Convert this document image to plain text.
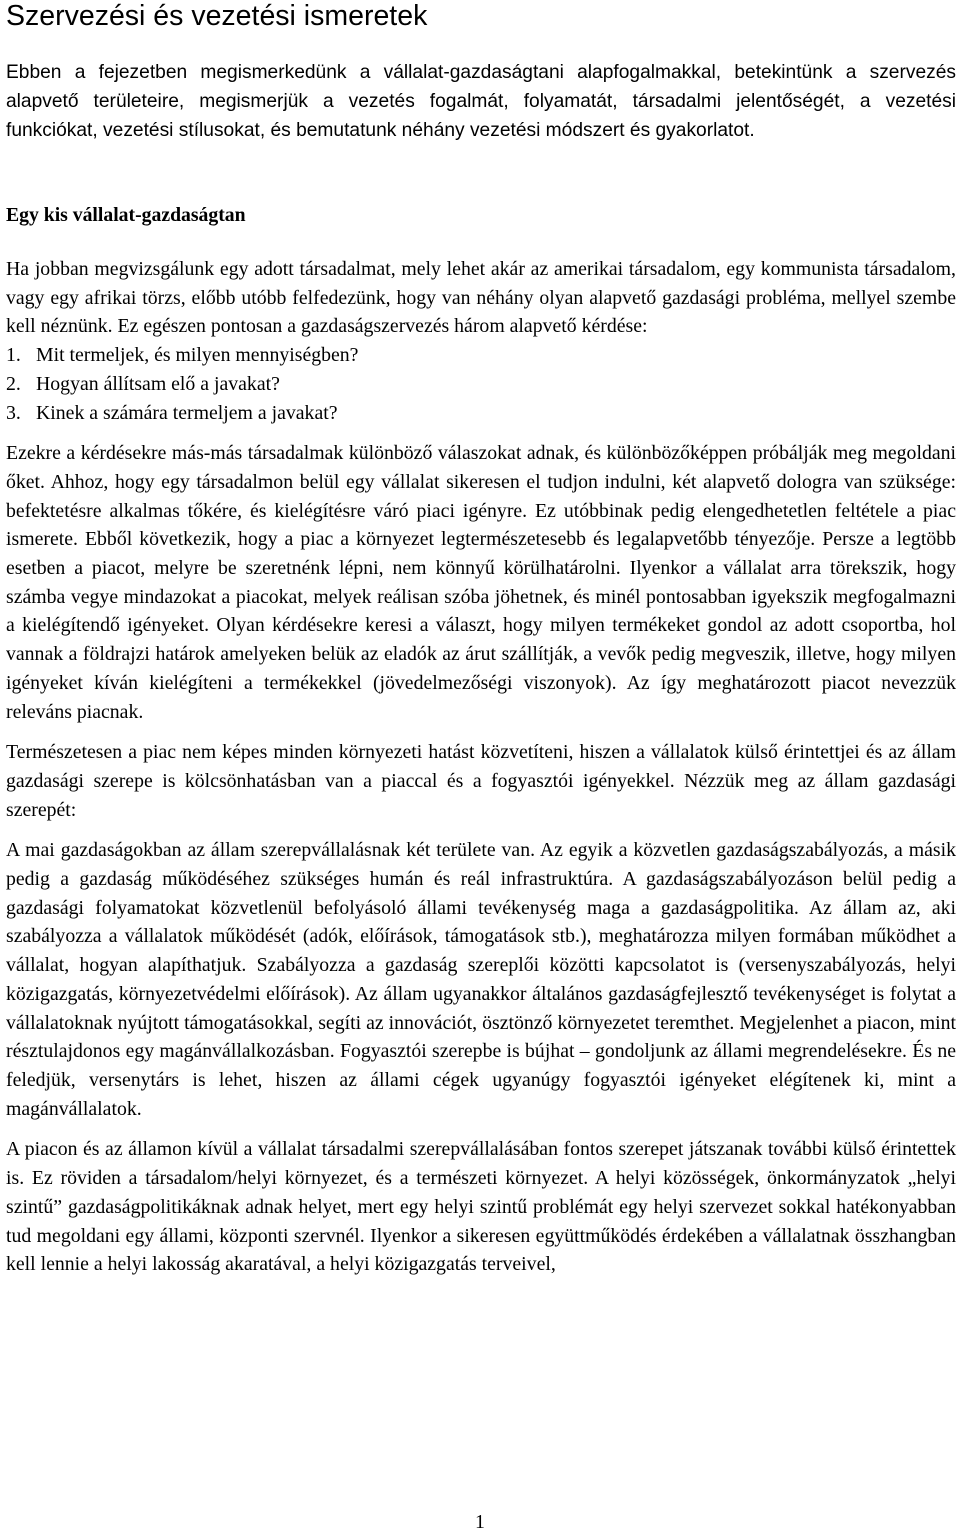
Szervezési és vezetési ismeretek

Ebben a fejezetben megismerkedünk a vállalat-gazdaságtani alapfogalmakkal, betekintünk a szervezés alapvető területeire, megismerjük a vezetés fogalmát, folyamatát, társadalmi jelentőségét, a vezetési funkciókat, vezetési stílusokat, és bemutatunk néhány vezetési módszert és gyakorlatot.

Egy kis vállalat-gazdaságtan

Ha jobban megvizsgálunk egy adott társadalmat, mely lehet akár az amerikai társadalom, egy kommunista társadalom, vagy egy afrikai törzs, előbb utóbb felfedezünk, hogy van néhány olyan alapvető gazdasági probléma, mellyel szembe kell néznünk. Ez egészen pontosan a gazdaságszervezés három alapvető kérdése:

1. Mit termeljek, és milyen mennyiségben?
2. Hogyan állítsam elő a javakat?
3. Kinek a számára termeljem a javakat?

Ezekre a kérdésekre más-más társadalmak különböző válaszokat adnak, és különbözőképpen próbálják meg megoldani őket. Ahhoz, hogy egy társadalmon belül egy vállalat sikeresen el tudjon indulni, két alapvető dologra van szüksége: befektetésre alkalmas tőkére, és kielégítésre váró piaci igényre. Ez utóbbinak pedig elengedhetetlen feltétele a piac ismerete. Ebből következik, hogy a piac a környezet legtermészetesebb és legalapvetőbb tényezője. Persze a legtöbb esetben a piacot, melyre be szeretnénk lépni, nem könnyű körülhatárolni. Ilyenkor a vállalat arra törekszik, hogy számba vegye mindazokat a piacokat, melyek reálisan szóba jöhetnek, és minél pontosabban igyekszik megfogalmazni a kielégítendő igényeket. Olyan kérdésekre keresi a választ, hogy milyen termékeket gondol az adott csoportba, hol vannak a földrajzi határok amelyeken belük az eladók az árut szállítják, a vevők pedig megveszik, illetve, hogy milyen igényeket kíván kielégíteni a termékekkel (jövedelmezőségi viszonyok). Az így meghatározott piacot nevezzük releváns piacnak.

Természetesen a piac nem képes minden környezeti hatást közvetíteni, hiszen a vállalatok külső érintettjei és az állam gazdasági szerepe is kölcsönhatásban van a piaccal és a fogyasztói igényekkel. Nézzük meg az állam gazdasági szerepét:

A mai gazdaságokban az állam szerepvállalásnak két területe van. Az egyik a közvetlen gazdaságszabályozás, a másik pedig a gazdaság működéséhez szükséges humán és reál infrastruktúra. A gazdaságszabályozáson belül pedig a gazdasági folyamatokat közvetlenül befolyásoló állami tevékenység maga a gazdaságpolitika. Az állam az, aki szabályozza a vállalatok működését (adók, előírások, támogatások stb.), meghatározza milyen formában működhet a vállalat, hogyan alapíthatjuk. Szabályozza a gazdaság szereplői közötti kapcsolatot is (versenyszabályozás, helyi közigazgatás, környezetvédelmi előírások). Az állam ugyanakkor általános gazdaságfejlesztő tevékenységet is folytat a vállalatoknak nyújtott támogatásokkal, segíti az innovációt, ösztönző környezetet teremthet. Megjelenhet a piacon, mint résztulajdonos egy magánvállalkozásban. Fogyasztói szerepbe is bújhat – gondoljunk az állami megrendelésekre. És ne feledjük, versenytárs is lehet, hiszen az állami cégek ugyanúgy fogyasztói igényeket elégítenek ki, mint a magánvállalatok.

A piacon és az államon kívül a vállalat társadalmi szerepvállalásában fontos szerepet játszanak további külső érintettek is. Ez röviden a társadalom/helyi környezet, és a természeti környezet. A helyi közösségek, önkormányzatok „helyi szintű” gazdaságpolitikáknak adnak helyet, mert egy helyi szintű problémát egy helyi szervezet sokkal hatékonyabban tud megoldani egy állami, központi szervnél. Ilyenkor a sikeresen együttműködés érdekében a vállalatnak összhangban kell lennie a helyi lakosság akaratával, a helyi közigazgatás terveivel,

1
